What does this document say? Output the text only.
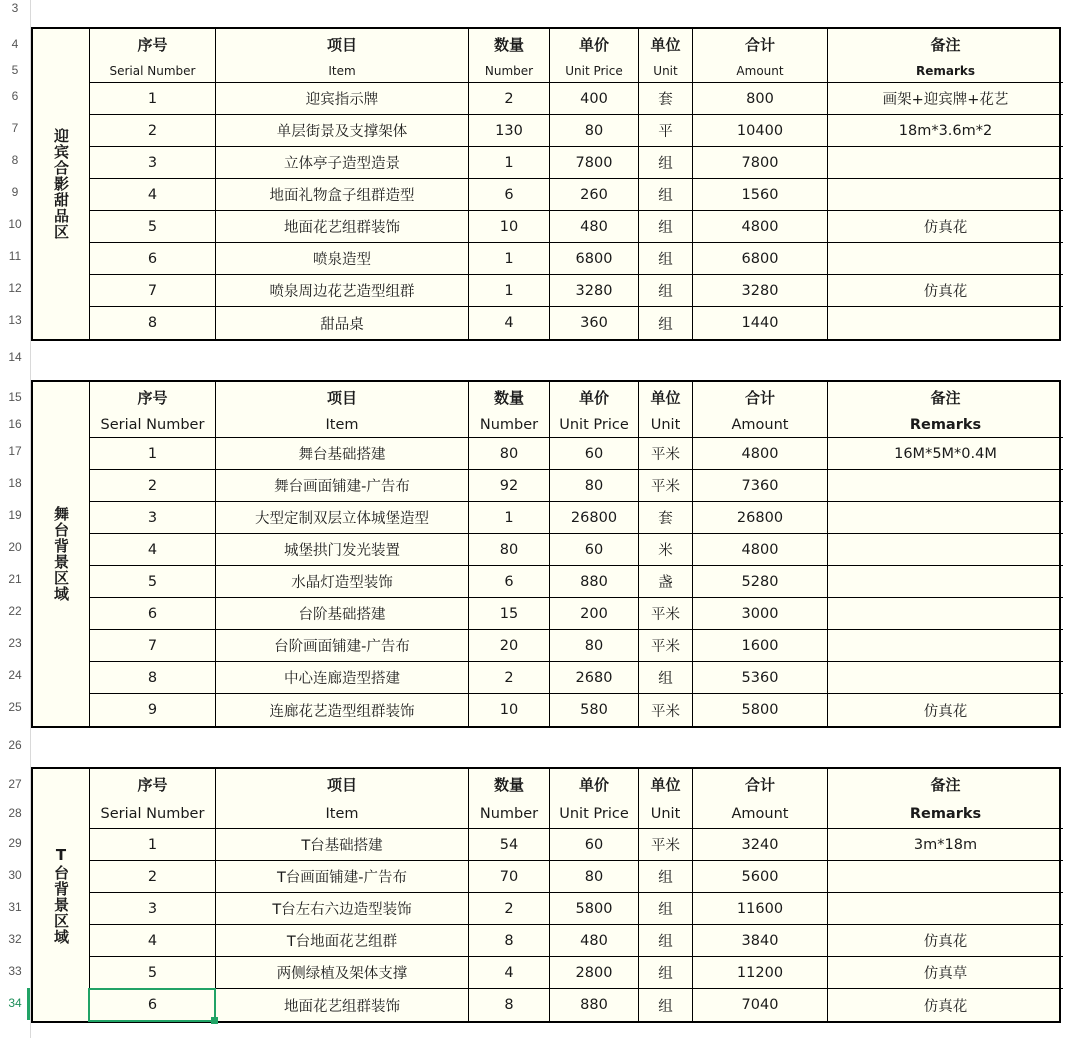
3
4
5
6
7
8
9
10
11
12
13
14
15
16
17
18
19
20
21
22
23
24
25
26
27
28
29
30
31
32
33
34
迎宾合影甜品区
序号	项目	数量	单价	单位	合计	备注
Serial Number	Item	Number	Unit Price	Unit	Amount	Remarks
1	迎宾指示牌	2	400	套	800	画架+迎宾牌+花艺
2	单层街景及支撑架体	130	80	平	10400	18m*3.6m*2
3	立体亭子造型造景	1	7800	组	7800
4	地面礼物盒子组群造型	6	260	组	1560
5	地面花艺组群装饰	10	480	组	4800	仿真花
6	喷泉造型	1	6800	组	6800
7	喷泉周边花艺造型组群	1	3280	组	3280	仿真花
8	甜品桌	4	360	组	1440
舞台背景区域
序号	项目	数量	单价	单位	合计	备注
Serial Number	Item	Number	Unit Price	Unit	Amount	Remarks
1	舞台基础搭建	80	60	平米	4800	16M*5M*0.4M
2	舞台画面铺建-广告布	92	80	平米	7360
3	大型定制双层立体城堡造型	1	26800	套	26800
4	城堡拱门发光装置	80	60	米	4800
5	水晶灯造型装饰	6	880	盏	5280
6	台阶基础搭建	15	200	平米	3000
7	台阶画面铺建-广告布	20	80	平米	1600
8	中心连廊造型搭建	2	2680	组	5360
9	连廊花艺造型组群装饰	10	580	平米	5800	仿真花
T台背景区域
序号	项目	数量	单价	单位	合计	备注
Serial Number	Item	Number	Unit Price	Unit	Amount	Remarks
1	T台基础搭建	54	60	平米	3240	3m*18m
2	T台画面铺建-广告布	70	80	组	5600
3	T台左右六边造型装饰	2	5800	组	11600
4	T台地面花艺组群	8	480	组	3840	仿真花
5	两侧绿植及架体支撑	4	2800	组	11200	仿真草
6	地面花艺组群装饰	8	880	组	7040	仿真花
